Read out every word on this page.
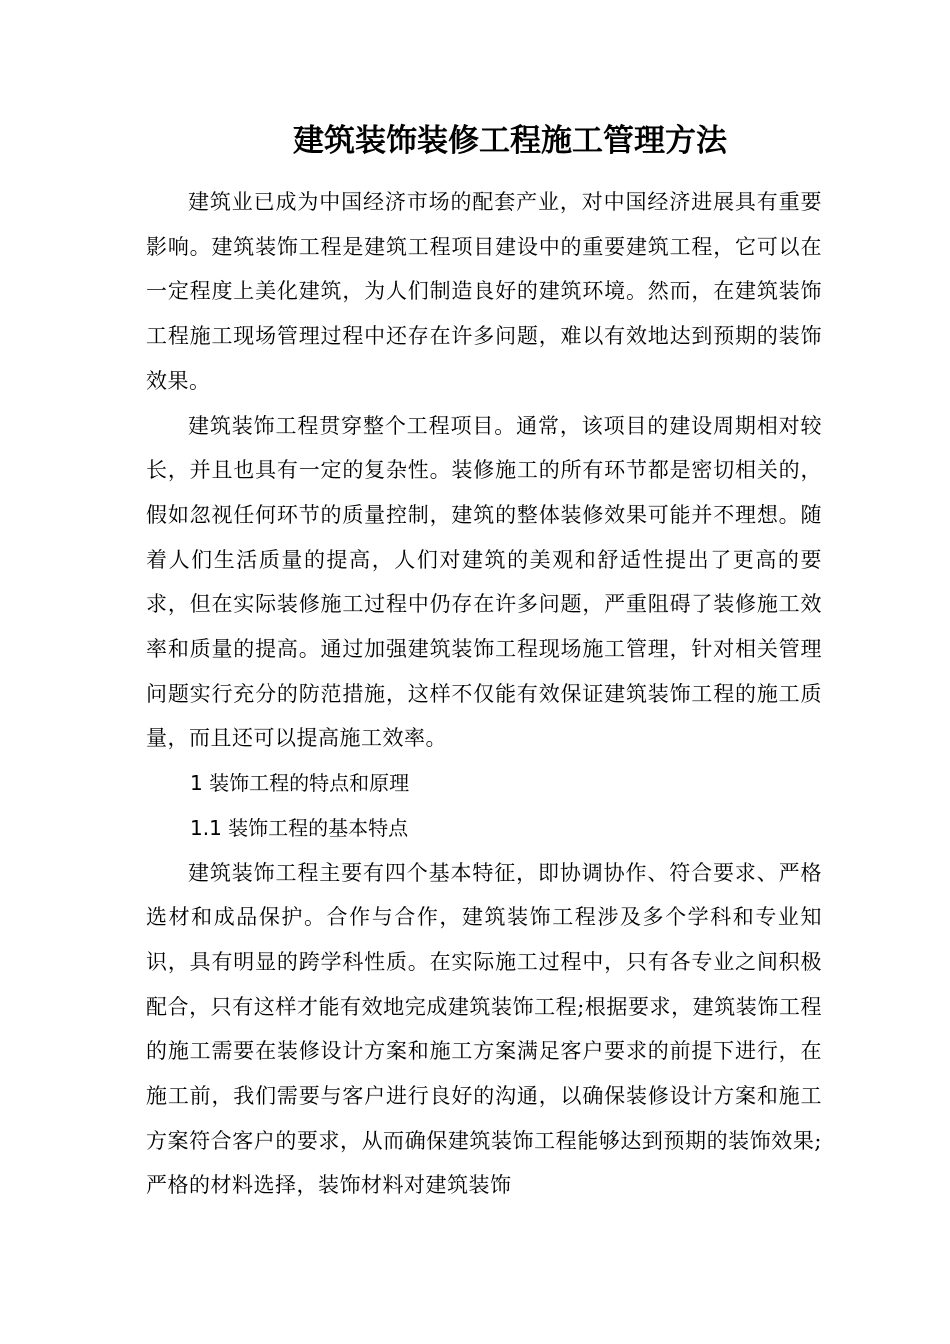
建筑装饰装修工程施工管理方法

建筑业已成为中国经济市场的配套产业，对中国经济进展具有重要影响。建筑装饰工程是建筑工程项目建设中的重要建筑工程，它可以在一定程度上美化建筑，为人们制造良好的建筑环境。然而，在建筑装饰工程施工现场管理过程中还存在许多问题，难以有效地达到预期的装饰效果。

建筑装饰工程贯穿整个工程项目。通常，该项目的建设周期相对较长，并且也具有一定的复杂性。装修施工的所有环节都是密切相关的，假如忽视任何环节的质量控制，建筑的整体装修效果可能并不理想。随着人们生活质量的提高，人们对建筑的美观和舒适性提出了更高的要求，但在实际装修施工过程中仍存在许多问题，严重阻碍了装修施工效率和质量的提高。通过加强建筑装饰工程现场施工管理，针对相关管理问题实行充分的防范措施，这样不仅能有效保证建筑装饰工程的施工质量，而且还可以提高施工效率。

1 装饰工程的特点和原理

1.1 装饰工程的基本特点

建筑装饰工程主要有四个基本特征，即协调协作、符合要求、严格选材和成品保护。合作与合作，建筑装饰工程涉及多个学科和专业知识，具有明显的跨学科性质。在实际施工过程中，只有各专业之间积极配合，只有这样才能有效地完成建筑装饰工程;根据要求，建筑装饰工程的施工需要在装修设计方案和施工方案满足客户要求的前提下进行，在施工前，我们需要与客户进行良好的沟通，以确保装修设计方案和施工方案符合客户的要求，从而确保建筑装饰工程能够达到预期的装饰效果;严格的材料选择，装饰材料对建筑装饰
